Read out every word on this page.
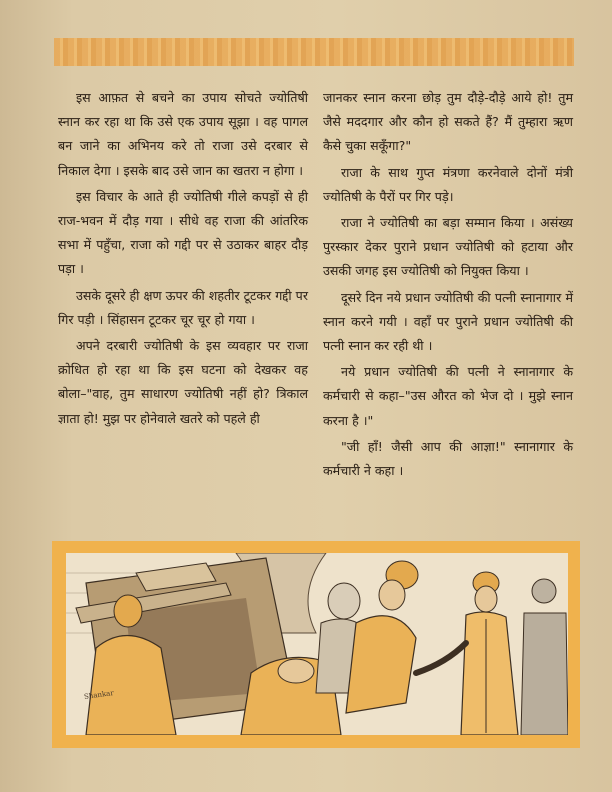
इस आफ़त से बचने का उपाय सोचते ज्योतिषी स्नान कर रहा था कि उसे एक उपाय सूझा । वह पागल बन जाने का अभिनय करे तो राजा उसे दरबार से निकाल देगा । इसके बाद उसे जान का खतरा न होगा ।

इस विचार के आते ही ज्योतिषी गीले कपड़ों से ही राज-भवन में दौड़ गया । सीधे वह राजा की आंतरिक सभा में पहुँचा, राजा को गद्दी पर से उठाकर बाहर दौड़ पड़ा ।

उसके दूसरे ही क्षण ऊपर की शहतीर टूटकर गद्दी पर गिर पड़ी । सिंहासन टूटकर चूर चूर हो गया ।

अपने दरबारी ज्योतिषी के इस व्यवहार पर राजा क्रोधित हो रहा था कि इस घटना को देखकर वह बोला–"वाह, तुम साधारण ज्योतिषी नहीं हो? त्रिकाल ज्ञाता हो! मुझ पर होनेवाले खतरे को पहले ही

जानकर स्नान करना छोड़ तुम दौड़े-दौड़े आये हो! तुम जैसे मददगार और कौन हो सकते हैं? मैं तुम्हारा ऋण कैसे चुका सकूँगा?"

राजा के साथ गुप्त मंत्रणा करनेवाले दोनों मंत्री ज्योतिषी के पैरों पर गिर पड़े।

राजा ने ज्योतिषी का बड़ा सम्मान किया । असंख्य पुरस्कार देकर पुराने प्रधान ज्योतिषी को हटाया और उसकी जगह इस ज्योतिषी को नियुक्त किया ।

दूसरे दिन नये प्रधान ज्योतिषी की पत्नी स्नानागार में स्नान करने गयी । वहाँ पर पुराने प्रधान ज्योतिषी की पत्नी स्नान कर रही थी ।

नये प्रधान ज्योतिषी की पत्नी ने स्नानागार के कर्मचारी से कहा–"उस औरत को भेज दो । मुझे स्नान करना है ।"

"जी हाँ! जैसी आप की आज्ञा!" स्नानागार के कर्मचारी ने कहा ।

Shankar
